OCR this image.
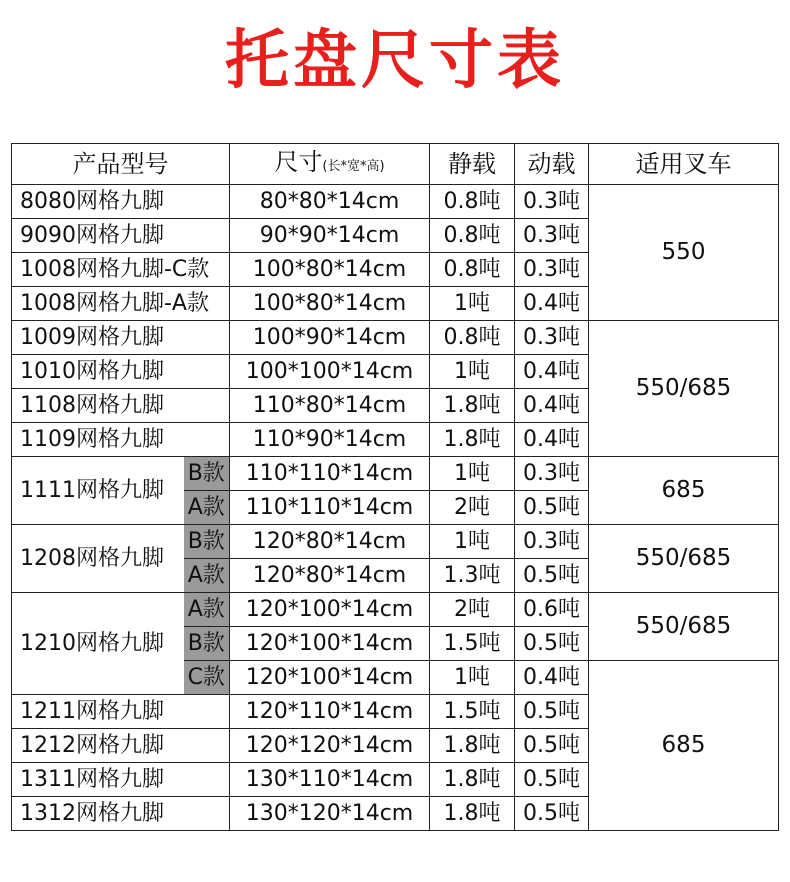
托盘尺寸表
产品型号		尺寸(长*宽*高)	静载	动载	适用叉车
8080网格九脚		80*80*14cm	0.8吨	0.3吨	550
9090网格九脚		90*90*14cm	0.8吨	0.3吨	
1008网格九脚-C款		100*80*14cm	0.8吨	0.3吨	
1008网格九脚-A款		100*80*14cm	1吨	0.4吨	
1009网格九脚		100*90*14cm	0.8吨	0.3吨	550/685
1010网格九脚		100*100*14cm	1吨	0.4吨	
1108网格九脚		110*80*14cm	1.8吨	0.4吨	
1109网格九脚		110*90*14cm	1.8吨	0.4吨	
1111网格九脚	B款	110*110*14cm	1吨	0.3吨	685
	A款	110*110*14cm	2吨	0.5吨	
1208网格九脚	B款	120*80*14cm	1吨	0.3吨	550/685
	A款	120*80*14cm	1.3吨	0.5吨	
1210网格九脚	A款	120*100*14cm	2吨	0.6吨	550/685
	B款	120*100*14cm	1.5吨	0.5吨	
	C款	120*100*14cm	1吨	0.4吨	685
1211网格九脚		120*110*14cm	1.5吨	0.5吨	
1212网格九脚		120*120*14cm	1.8吨	0.5吨	
1311网格九脚		130*110*14cm	1.8吨	0.5吨	
1312网格九脚		130*120*14cm	1.8吨	0.5吨	
